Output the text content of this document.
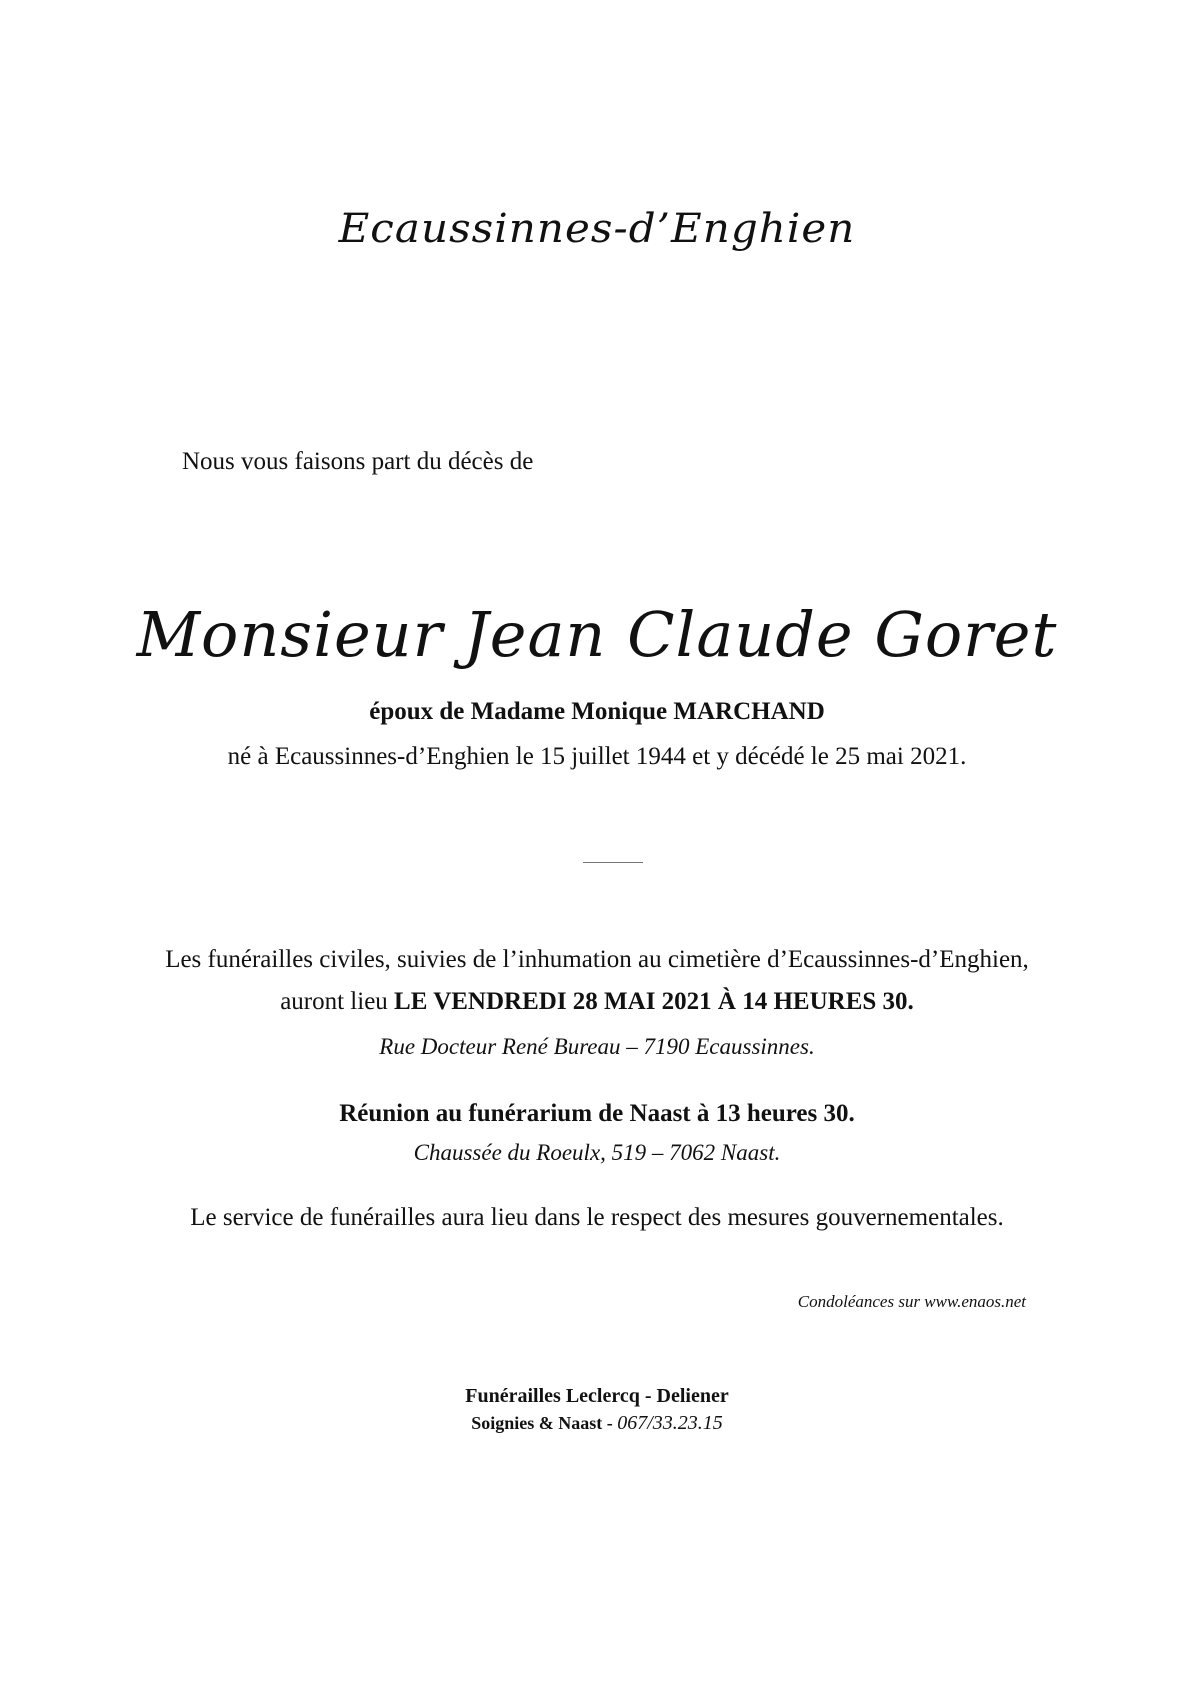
Ecaussinnes-d’Enghien
Nous vous faisons part du décès de
Monsieur Jean Claude Goret
époux de Madame Monique MARCHAND
né à Ecaussinnes-d’Enghien le 15 juillet 1944 et y décédé le 25 mai 2021.
Les funérailles civiles, suivies de l’inhumation au cimetière d’Ecaussinnes-d’Enghien,
auront lieu LE VENDREDI 28 MAI 2021 À 14 HEURES 30.
Rue Docteur René Bureau – 7190 Ecaussinnes.
Réunion au funérarium de Naast à 13 heures 30.
Chaussée du Roeulx, 519 – 7062 Naast.
Le service de funérailles aura lieu dans le respect des mesures gouvernementales.
Condoléances sur www.enaos.net
Funérailles Leclercq - Deliener
Soignies & Naast - 067/33.23.15
